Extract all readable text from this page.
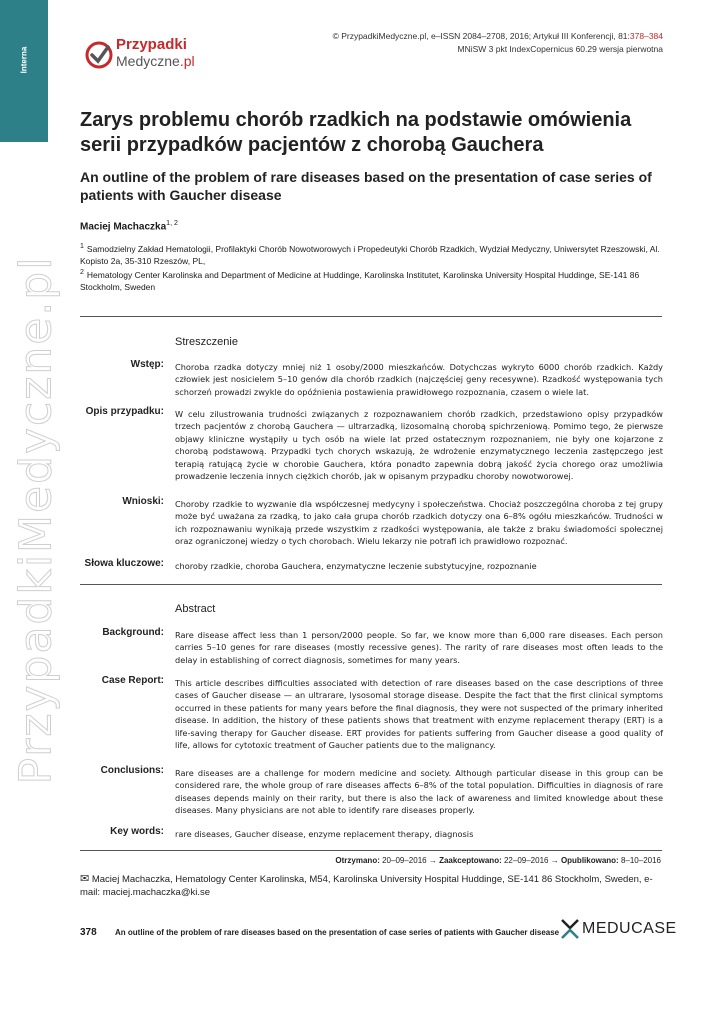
Interna
PrzypadkiMedyczne.pl
Przypadki
Medyczne.pl
© PrzypadkiMedyczne.pl, e–ISSN 2084–2708, 2016; Artykuł III Konferencji, 81:378–384
MNiSW 3 pkt IndexCopernicus 60.29 wersja pierwotna
Zarys problemu chorób rzadkich na podstawie omówienia serii przypadków pacjentów z chorobą Gauchera
An outline of the problem of rare diseases based on the presentation of case series of patients with Gaucher disease
Maciej Machaczka$^{1, 2}$
$^1$ Samodzielny Zakład Hematologii, Profilaktyki Chorób Nowotworowych i Propedeutyki Chorób Rzadkich, Wydział Medyczny, Uniwersytet Rzeszowski, Al. Kopisto 2a, 35-310 Rzeszów, PL,
$^2$ Hematology Center Karolinska and Department of Medicine at Huddinge, Karolinska Institutet, Karolinska University Hospital Huddinge, SE-141 86 Stockholm, Sweden
Streszczenie
Wstęp: Choroba rzadka dotyczy mniej niż 1 osoby/2000 mieszkańców. Dotychczas wykryto 6000 chorób rzadkich. Każdy człowiek jest nosicielem 5–10 genów dla chorób rzadkich (najczęściej geny recesywne). Rzadkość występowania tych schorzeń prowadzi zwykle do opóźnienia postawienia prawidłowego rozpoznania, czasem o wiele lat.
Opis przypadku: W celu zilustrowania trudności związanych z rozpoznawaniem chorób rzadkich, przedstawiono opisy przypadków trzech pacjentów z chorobą Gauchera — ultrarzadką, lizosomalną chorobą spichrzeniową. Pomimo tego, że pierwsze objawy kliniczne wystąpiły u tych osób na wiele lat przed ostatecznym rozpoznaniem, nie były one kojarzone z chorobą podstawową. Przypadki tych chorych wskazują, że wdrożenie enzymatycznego leczenia zastępczego jest terapią ratującą życie w chorobie Gauchera, która ponadto zapewnia dobrą jakość życia chorego oraz umożliwia prowadzenie leczenia innych ciężkich chorób, jak w opisanym przypadku choroby nowotworowej.
Wnioski: Choroby rzadkie to wyzwanie dla współczesnej medycyny i społeczeństwa. Chociaż poszczególna choroba z tej grupy może być uważana za rzadką, to jako cała grupa chorób rzadkich dotyczy ona 6–8% ogółu mieszkańców. Trudności w ich rozpoznawaniu wynikają przede wszystkim z rzadkości występowania, ale także z braku świadomości społecznej oraz ograniczonej wiedzy o tych chorobach. Wielu lekarzy nie potrafi ich prawidłowo rozpoznać.
Słowa kluczowe: choroby rzadkie, choroba Gauchera, enzymatyczne leczenie substytucyjne, rozpoznanie
Abstract
Background: Rare disease affect less than 1 person/2000 people. So far, we know more than 6,000 rare diseases. Each person carries 5–10 genes for rare diseases (mostly recessive genes). The rarity of rare diseases most often leads to the delay in establishing of correct diagnosis, sometimes for many years.
Case Report: This article describes difficulties associated with detection of rare diseases based on the case descriptions of three cases of Gaucher disease — an ultrarare, lysosomal storage disease. Despite the fact that the first clinical symptoms occurred in these patients for many years before the final diagnosis, they were not suspected of the primary inherited disease. In addition, the history of these patients shows that treatment with enzyme replacement therapy (ERT) is a life-saving therapy for Gaucher disease. ERT provides for patients suffering from Gaucher disease a good quality of life, allows for cytotoxic treatment of Gaucher patients due to the malignancy.
Conclusions: Rare diseases are a challenge for modern medicine and society. Although particular disease in this group can be considered rare, the whole group of rare diseases affects 6–8% of the total population. Difficulties in diagnosis of rare diseases depends mainly on their rarity, but there is also the lack of awareness and limited knowledge about these diseases. Many physicians are not able to identify rare diseases properly.
Key words: rare diseases, Gaucher disease, enzyme replacement therapy, diagnosis
Otrzymano: 20–09–2016 → Zaakceptowano: 22–09–2016 → Opublikowano: 8–10–2016
✉ Maciej Machaczka, Hematology Center Karolinska, M54, Karolinska University Hospital Huddinge, SE-141 86 Stockholm, Sweden, e-mail: maciej.machaczka@ki.se
378 An outline of the problem of rare diseases based on the presentation of case series of patients with Gaucher disease MEDUCASE
